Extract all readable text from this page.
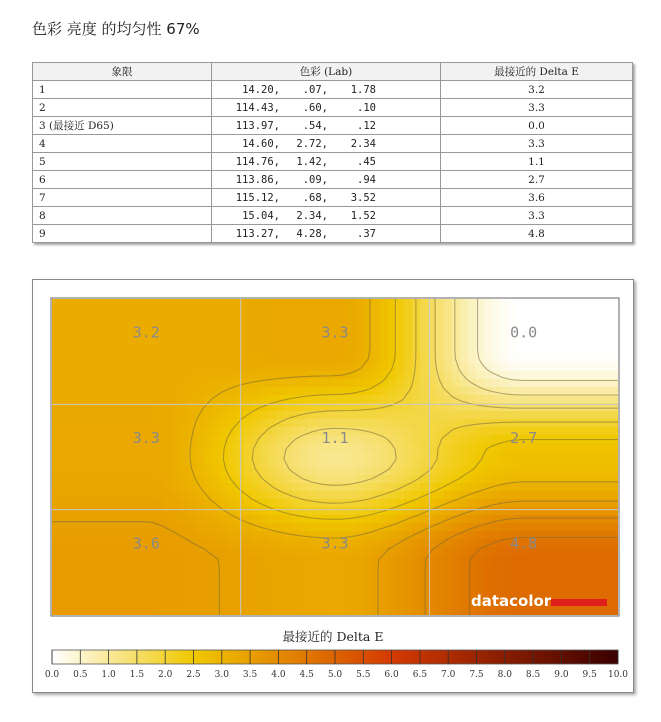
色彩 亮度 的均匀性 67%
象限	色彩 (Lab)	最接近的 Delta E
1	14.20, .07, 1.78	3.2
2	114.43, .60, .10	3.3
3 (最接近 D65)	113.97, .54, .12	0.0
4	14.60, 2.72, 2.34	3.3
5	114.76, 1.42, .45	1.1
6	113.86, .09, .94	2.7
7	115.12, .68, 3.52	3.6
8	15.04, 2.34, 1.52	3.3
9	113.27, 4.28, .37	4.8
3.2	3.3	0.0
3.3	1.1	2.7
3.6	3.3	4.8
datacolor
最接近的 Delta E
0.0 0.5 1.0 1.5 2.0 2.5 3.0 3.5 4.0 4.5 5.0 5.5 6.0 6.5 7.0 7.5 8.0 8.5 9.0 9.5 10.0
